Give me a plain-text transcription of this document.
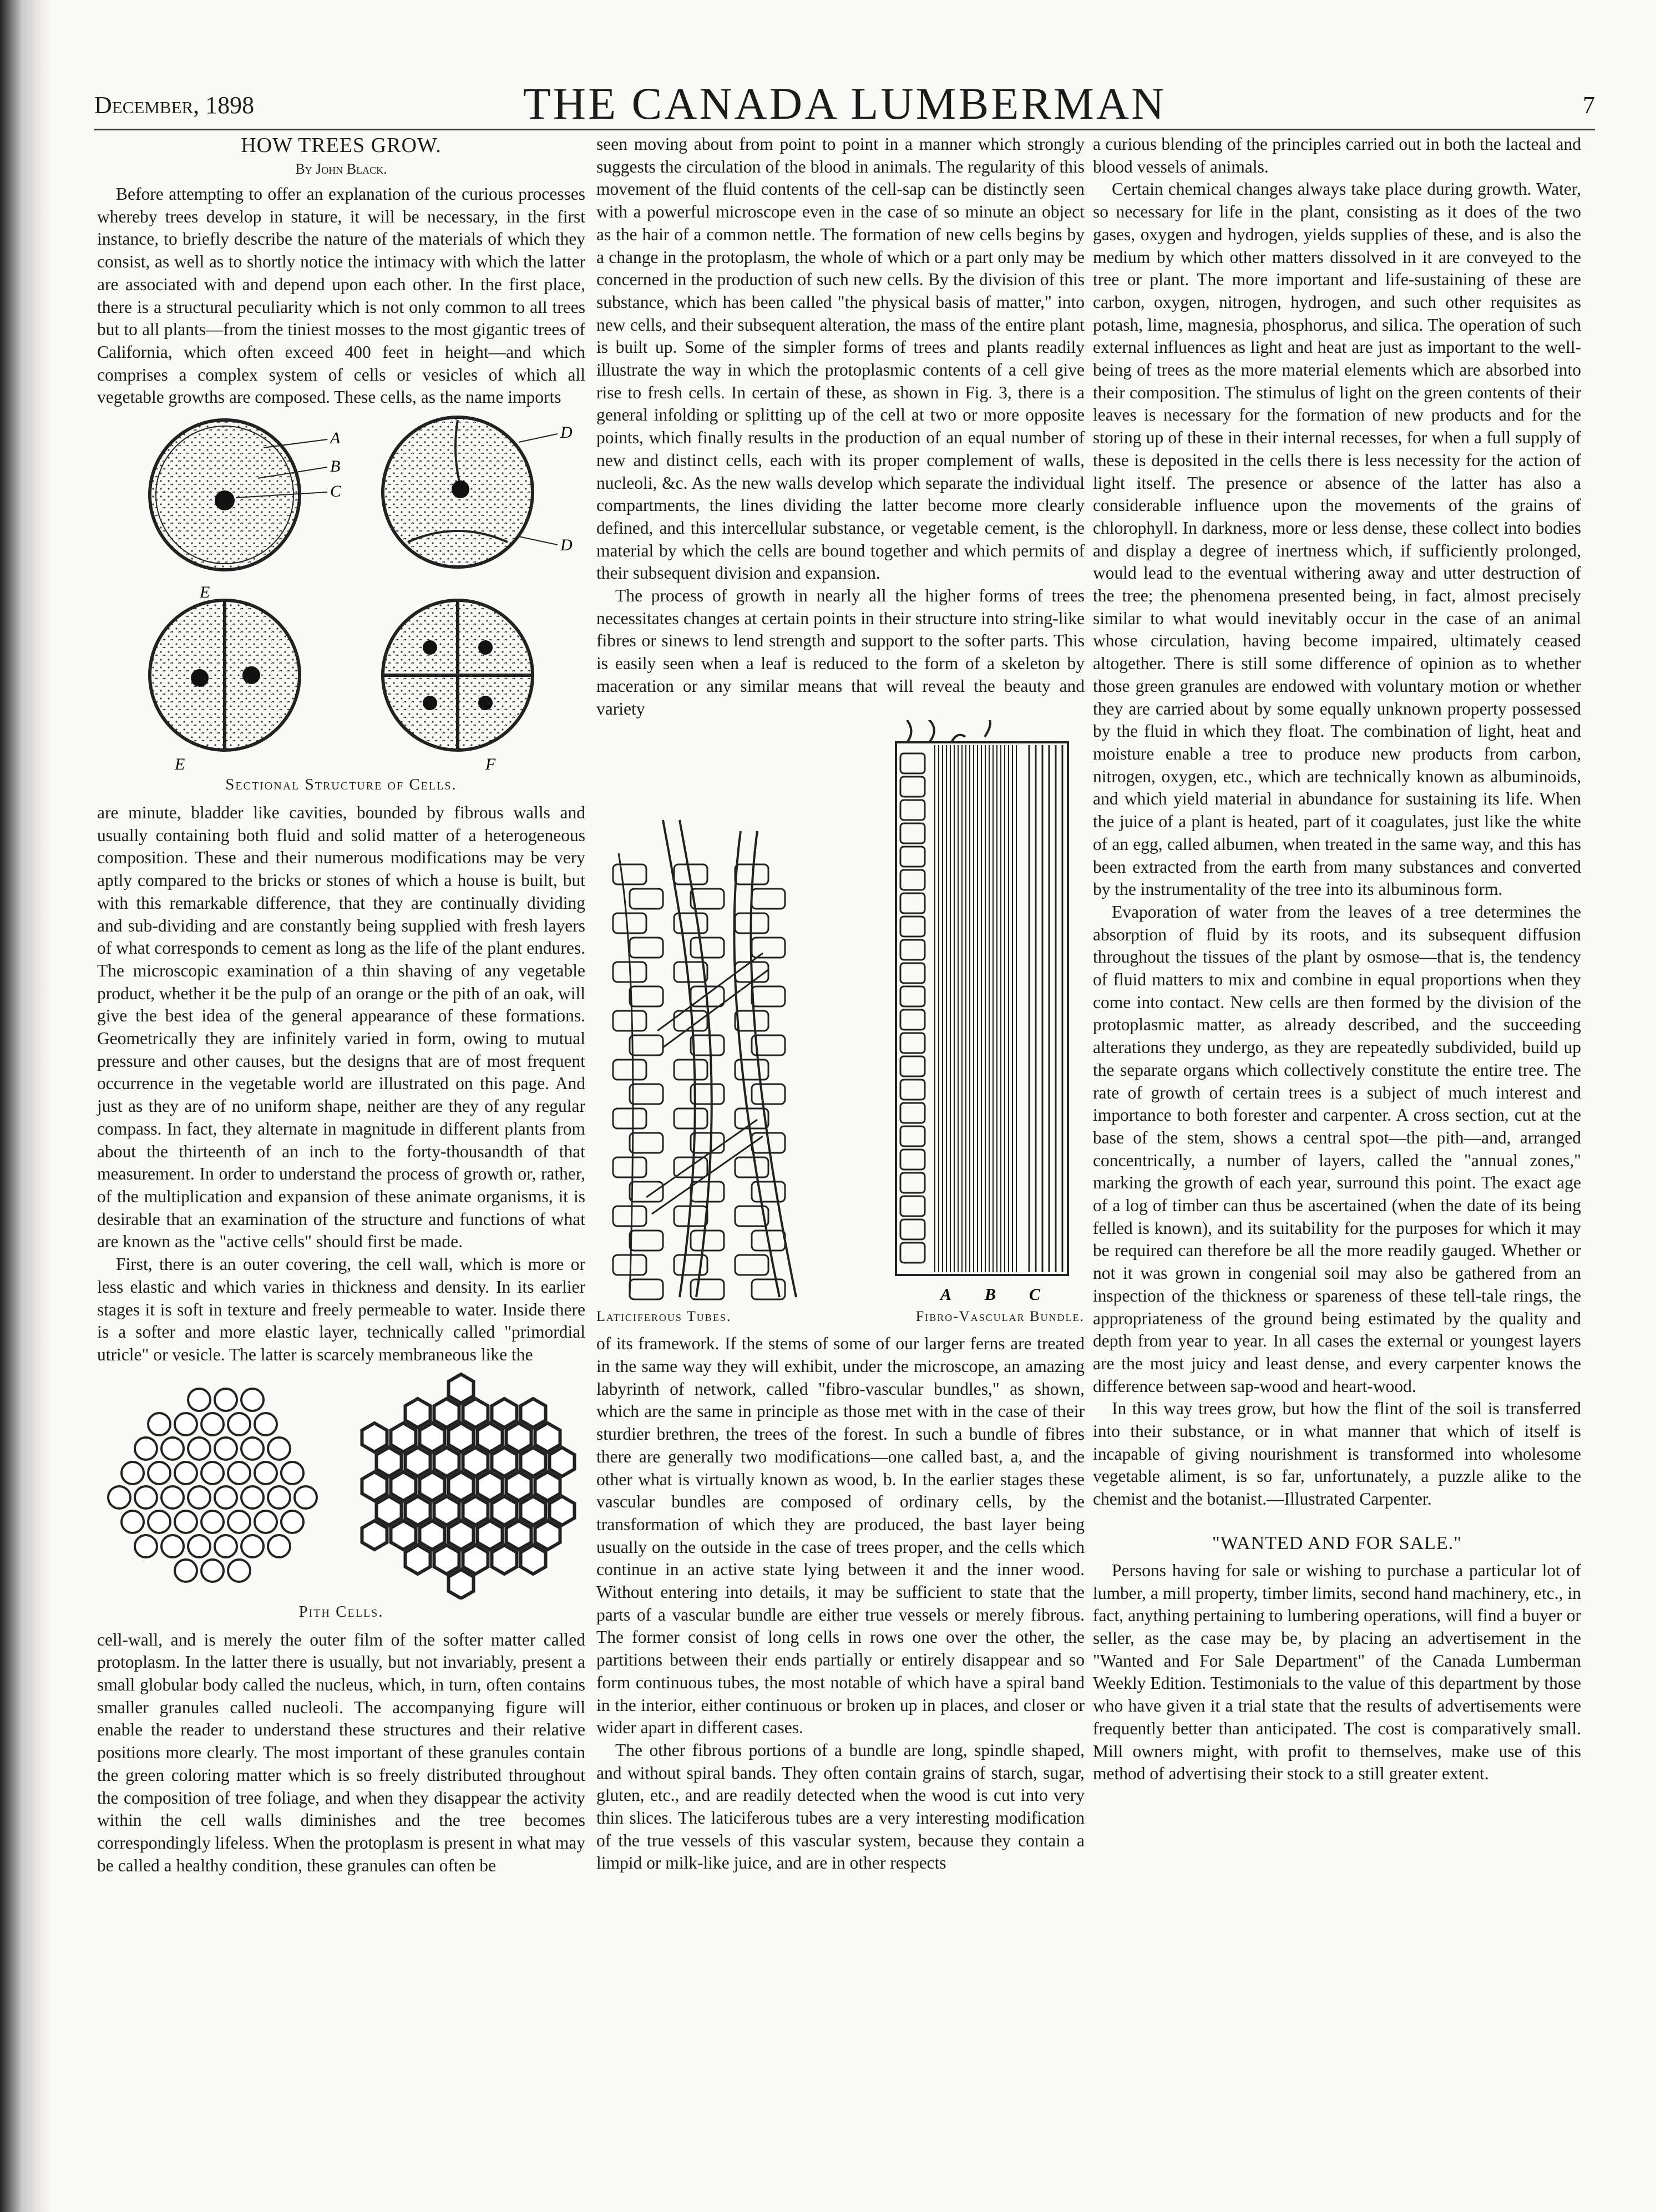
December, 1898	THE CANADA LUMBERMAN	7

HOW TREES GROW.

By John Black.

Before attempting to offer an explanation of the curious processes whereby trees develop in stature, it will be necessary, in the first instance, to briefly describe the nature of the materials of which they consist, as well as to shortly notice the intimacy with which the latter are associated with and depend upon each other. In the first place, there is a structural peculiarity which is not only common to all trees but to all plants—from the tiniest mosses to the most gigantic trees of California, which often exceed 400 feet in height—and which comprises a complex system of cells or vesicles of which all vegetable growths are composed. These cells, as the name imports

A
B
C
D
D
E
E	F

Sectional Structure of Cells.

are minute, bladder like cavities, bounded by fibrous walls and usually containing both fluid and solid matter of a heterogeneous composition. These and their numerous modifications may be very aptly compared to the bricks or stones of which a house is built, but with this remarkable difference, that they are continually dividing and sub-dividing and are constantly being supplied with fresh layers of what corresponds to cement as long as the life of the plant endures. The microscopic examination of a thin shaving of any vegetable product, whether it be the pulp of an orange or the pith of an oak, will give the best idea of the general appearance of these formations. Geometrically they are infinitely varied in form, owing to mutual pressure and other causes, but the designs that are of most frequent occurrence in the vegetable world are illustrated on this page. And just as they are of no uniform shape, neither are they of any regular compass. In fact, they alternate in magnitude in different plants from about the thirteenth of an inch to the forty-thousandth of that measurement. In order to understand the process of growth or, rather, of the multiplication and expansion of these animate organisms, it is desirable that an examination of the structure and functions of what are known as the "active cells" should first be made.

First, there is an outer covering, the cell wall, which is more or less elastic and which varies in thickness and density. In its earlier stages it is soft in texture and freely permeable to water. Inside there is a softer and more elastic layer, technically called "primordial utricle" or vesicle. The latter is scarcely membraneous like the

Pith Cells.

cell-wall, and is merely the outer film of the softer matter called protoplasm. In the latter there is usually, but not invariably, present a small globular body called the nucleus, which, in turn, often contains smaller granules called nucleoli. The accompanying figure will enable the reader to understand these structures and their relative positions more clearly. The most important of these granules contain the green coloring matter which is so freely distributed throughout the composition of tree foliage, and when they disappear the activity within the cell walls diminishes and the tree becomes correspondingly lifeless. When the protoplasm is present in what may be called a healthy condition, these granules can often be

seen moving about from point to point in a manner which strongly suggests the circulation of the blood in animals. The regularity of this movement of the fluid contents of the cell-sap can be distinctly seen with a powerful microscope even in the case of so minute an object as the hair of a common nettle. The formation of new cells begins by a change in the protoplasm, the whole of which or a part only may be concerned in the production of such new cells. By the division of this substance, which has been called "the physical basis of matter," into new cells, and their subsequent alteration, the mass of the entire plant is built up. Some of the simpler forms of trees and plants readily illustrate the way in which the protoplasmic contents of a cell give rise to fresh cells. In certain of these, as shown in Fig. 3, there is a general infolding or splitting up of the cell at two or more opposite points, which finally results in the production of an equal number of new and distinct cells, each with its proper complement of walls, nucleoli, &c. As the new walls develop which separate the individual compartments, the lines dividing the latter become more clearly defined, and this intercellular substance, or vegetable cement, is the material by which the cells are bound together and which permits of their subsequent division and expansion.

The process of growth in nearly all the higher forms of trees necessitates changes at certain points in their structure into string-like fibres or sinews to lend strength and support to the softer parts. This is easily seen when a leaf is reduced to the form of a skeleton by maceration or any similar means that will reveal the beauty and variety

A B C
Laticiferous Tubes.	Fibro-Vascular Bundle.

of its framework. If the stems of some of our larger ferns are treated in the same way they will exhibit, under the microscope, an amazing labyrinth of network, called "fibro-vascular bundles," as shown, which are the same in principle as those met with in the case of their sturdier brethren, the trees of the forest. In such a bundle of fibres there are generally two modifications—one called bast, a, and the other what is virtually known as wood, b. In the earlier stages these vascular bundles are composed of ordinary cells, by the transformation of which they are produced, the bast layer being usually on the outside in the case of trees proper, and the cells which continue in an active state lying between it and the inner wood. Without entering into details, it may be sufficient to state that the parts of a vascular bundle are either true vessels or merely fibrous. The former consist of long cells in rows one over the other, the partitions between their ends partially or entirely disappear and so form continuous tubes, the most notable of which have a spiral band in the interior, either continuous or broken up in places, and closer or wider apart in different cases.

The other fibrous portions of a bundle are long, spindle shaped, and without spiral bands. They often contain grains of starch, sugar, gluten, etc., and are readily detected when the wood is cut into very thin slices. The laticiferous tubes are a very interesting modification of the true vessels of this vascular system, because they contain a limpid or milk-like juice, and are in other respects

a curious blending of the principles carried out in both the lacteal and blood vessels of animals.

Certain chemical changes always take place during growth. Water, so necessary for life in the plant, consisting as it does of the two gases, oxygen and hydrogen, yields supplies of these, and is also the medium by which other matters dissolved in it are conveyed to the tree or plant. The more important and life-sustaining of these are carbon, oxygen, nitrogen, hydrogen, and such other requisites as potash, lime, magnesia, phosphorus, and silica. The operation of such external influences as light and heat are just as important to the well-being of trees as the more material elements which are absorbed into their composition. The stimulus of light on the green contents of their leaves is necessary for the formation of new products and for the storing up of these in their internal recesses, for when a full supply of these is deposited in the cells there is less necessity for the action of light itself. The presence or absence of the latter has also a considerable influence upon the movements of the grains of chlorophyll. In darkness, more or less dense, these collect into bodies and display a degree of inertness which, if sufficiently prolonged, would lead to the eventual withering away and utter destruction of the tree; the phenomena presented being, in fact, almost precisely similar to what would inevitably occur in the case of an animal whose circulation, having become impaired, ultimately ceased altogether. There is still some difference of opinion as to whether those green granules are endowed with voluntary motion or whether they are carried about by some equally unknown property possessed by the fluid in which they float. The combination of light, heat and moisture enable a tree to produce new products from carbon, nitrogen, oxygen, etc., which are technically known as albuminoids, and which yield material in abundance for sustaining its life. When the juice of a plant is heated, part of it coagulates, just like the white of an egg, called albumen, when treated in the same way, and this has been extracted from the earth from many substances and converted by the instrumentality of the tree into its albuminous form.

Evaporation of water from the leaves of a tree determines the absorption of fluid by its roots, and its subsequent diffusion throughout the tissues of the plant by osmose—that is, the tendency of fluid matters to mix and combine in equal proportions when they come into contact. New cells are then formed by the division of the protoplasmic matter, as already described, and the succeeding alterations they undergo, as they are repeatedly subdivided, build up the separate organs which collectively constitute the entire tree. The rate of growth of certain trees is a subject of much interest and importance to both forester and carpenter. A cross section, cut at the base of the stem, shows a central spot—the pith—and, arranged concentrically, a number of layers, called the "annual zones," marking the growth of each year, surround this point. The exact age of a log of timber can thus be ascertained (when the date of its being felled is known), and its suitability for the purposes for which it may be required can therefore be all the more readily gauged. Whether or not it was grown in congenial soil may also be gathered from an inspection of the thickness or spareness of these tell-tale rings, the appropriateness of the ground being estimated by the quality and depth from year to year. In all cases the external or youngest layers are the most juicy and least dense, and every carpenter knows the difference between sap-wood and heart-wood.

In this way trees grow, but how the flint of the soil is transferred into their substance, or in what manner that which of itself is incapable of giving nourishment is transformed into wholesome vegetable aliment, is so far, unfortunately, a puzzle alike to the chemist and the botanist.—Illustrated Carpenter.

"WANTED AND FOR SALE."

Persons having for sale or wishing to purchase a particular lot of lumber, a mill property, timber limits, second hand machinery, etc., in fact, anything pertaining to lumbering operations, will find a buyer or seller, as the case may be, by placing an advertisement in the "Wanted and For Sale Department" of the Canada Lumberman Weekly Edition. Testimonials to the value of this department by those who have given it a trial state that the results of advertisements were frequently better than anticipated. The cost is comparatively small. Mill owners might, with profit to themselves, make use of this method of advertising their stock to a still greater extent.
